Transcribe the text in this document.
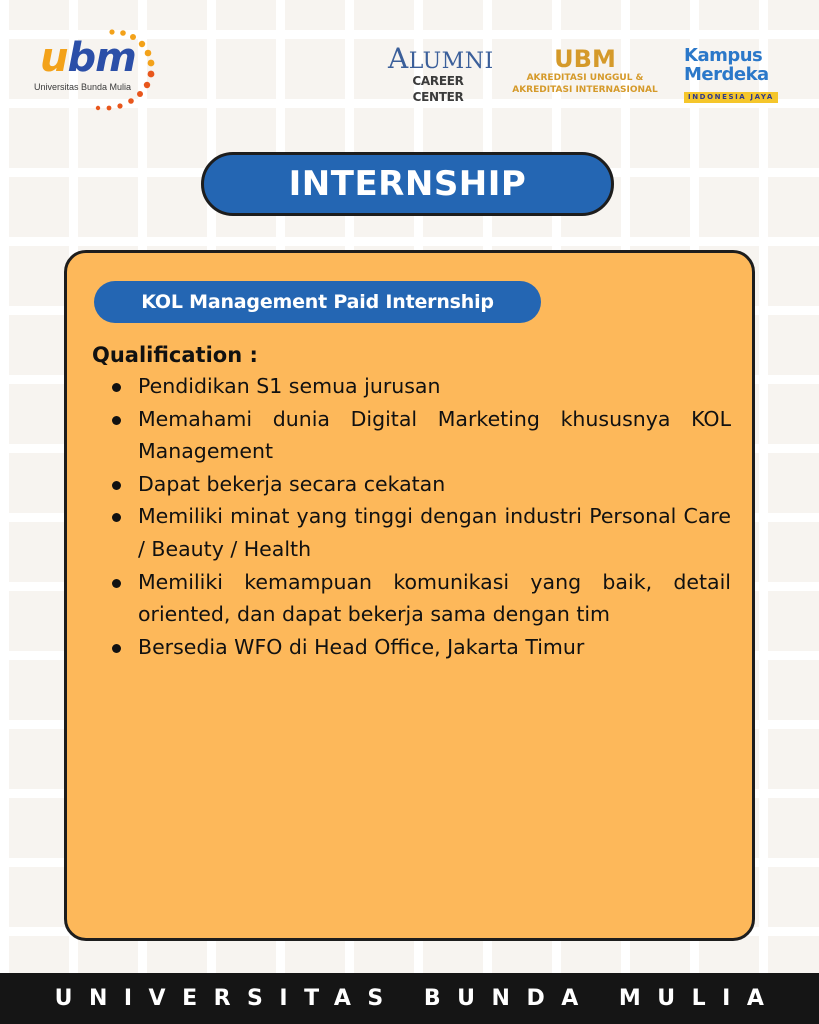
ubm
Universitas Bunda Mulia
ALUMNI
CAREER CENTER
UBM
AKREDITASI UNGGUL &
AKREDITASI INTERNASIONAL
Kampus
Merdeka
INDONESIA JAYA
INTERNSHIP
KOL Management Paid Internship
Qualification :
Pendidikan S1 semua jurusan
Memahami dunia Digital Marketing khususnya KOL Management
Dapat bekerja secara cekatan
Memiliki minat yang tinggi dengan industri Personal Care / Beauty / Health
Memiliki kemampuan komunikasi yang baik, detail oriented, dan dapat bekerja sama dengan tim
Bersedia WFO di Head Office, Jakarta Timur
UNIVERSITAS BUNDA MULIA
